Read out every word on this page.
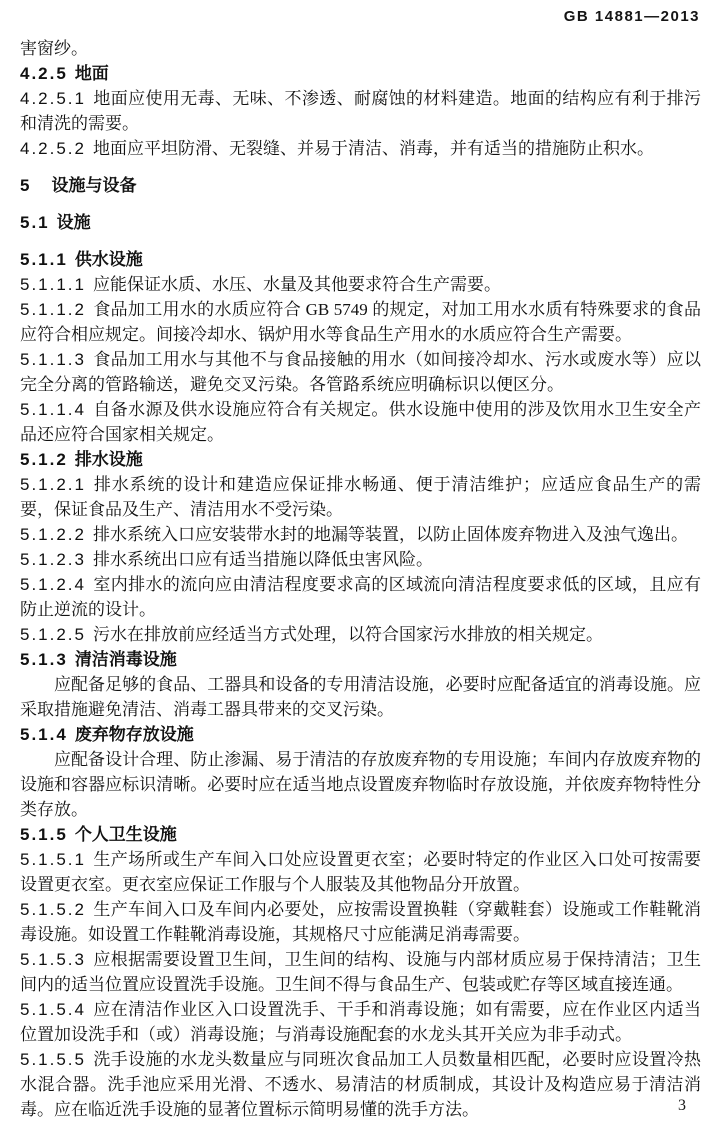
GB 14881—2013

害窗纱。

4.2.5 地面

4.2.5.1 地面应使用无毒、无味、不渗透、耐腐蚀的材料建造。地面的结构应有利于排污和清洗的需要。

4.2.5.2 地面应平坦防滑、无裂缝、并易于清洁、消毒，并有适当的措施防止积水。

5 设施与设备

5.1 设施

5.1.1 供水设施

5.1.1.1 应能保证水质、水压、水量及其他要求符合生产需要。

5.1.1.2 食品加工用水的水质应符合 GB 5749 的规定，对加工用水水质有特殊要求的食品应符合相应规定。间接冷却水、锅炉用水等食品生产用水的水质应符合生产需要。

5.1.1.3 食品加工用水与其他不与食品接触的用水（如间接冷却水、污水或废水等）应以完全分离的管路输送，避免交叉污染。各管路系统应明确标识以便区分。

5.1.1.4 自备水源及供水设施应符合有关规定。供水设施中使用的涉及饮用水卫生安全产品还应符合国家相关规定。

5.1.2 排水设施

5.1.2.1 排水系统的设计和建造应保证排水畅通、便于清洁维护；应适应食品生产的需要，保证食品及生产、清洁用水不受污染。

5.1.2.2 排水系统入口应安装带水封的地漏等装置，以防止固体废弃物进入及浊气逸出。

5.1.2.3 排水系统出口应有适当措施以降低虫害风险。

5.1.2.4 室内排水的流向应由清洁程度要求高的区域流向清洁程度要求低的区域，且应有防止逆流的设计。

5.1.2.5 污水在排放前应经适当方式处理，以符合国家污水排放的相关规定。

5.1.3 清洁消毒设施

应配备足够的食品、工器具和设备的专用清洁设施，必要时应配备适宜的消毒设施。应采取措施避免清洁、消毒工器具带来的交叉污染。

5.1.4 废弃物存放设施

应配备设计合理、防止渗漏、易于清洁的存放废弃物的专用设施；车间内存放废弃物的设施和容器应标识清晰。必要时应在适当地点设置废弃物临时存放设施，并依废弃物特性分类存放。

5.1.5 个人卫生设施

5.1.5.1 生产场所或生产车间入口处应设置更衣室；必要时特定的作业区入口处可按需要设置更衣室。更衣室应保证工作服与个人服装及其他物品分开放置。

5.1.5.2 生产车间入口及车间内必要处，应按需设置换鞋（穿戴鞋套）设施或工作鞋靴消毒设施。如设置工作鞋靴消毒设施，其规格尺寸应能满足消毒需要。

5.1.5.3 应根据需要设置卫生间，卫生间的结构、设施与内部材质应易于保持清洁；卫生间内的适当位置应设置洗手设施。卫生间不得与食品生产、包装或贮存等区域直接连通。

5.1.5.4 应在清洁作业区入口设置洗手、干手和消毒设施；如有需要，应在作业区内适当位置加设洗手和（或）消毒设施；与消毒设施配套的水龙头其开关应为非手动式。

5.1.5.5 洗手设施的水龙头数量应与同班次食品加工人员数量相匹配，必要时应设置冷热水混合器。洗手池应采用光滑、不透水、易清洁的材质制成，其设计及构造应易于清洁消毒。应在临近洗手设施的显著位置标示简明易懂的洗手方法。	3
